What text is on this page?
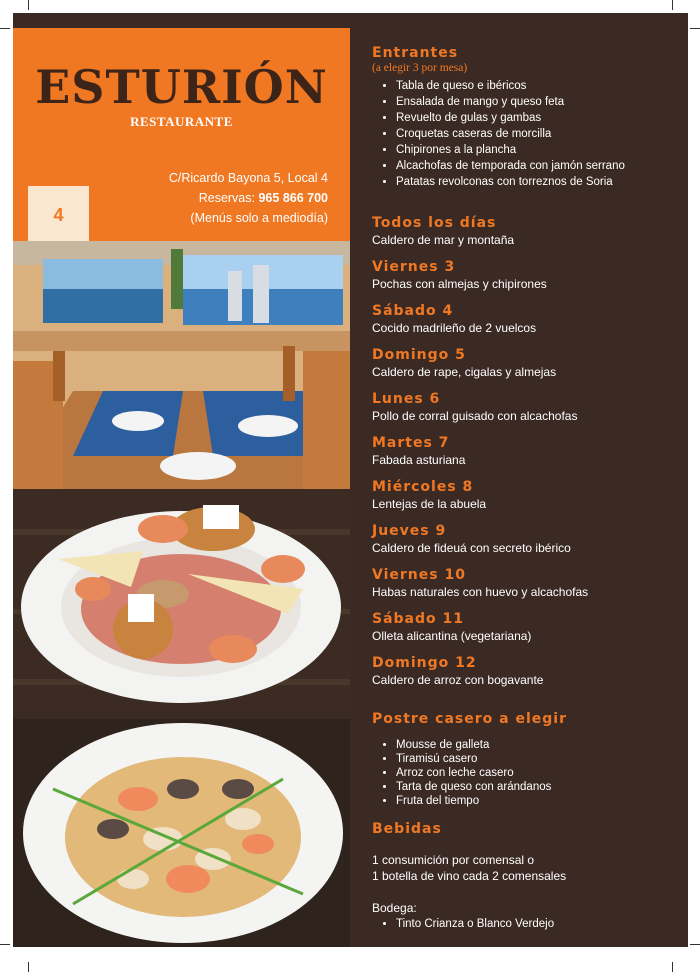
ESTURIÓN
RESTAURANTE
C/Ricardo Bayona 5, Local 4
Reservas: 965 866 700
(Menús solo a mediodía)
4
Entrantes
(a elegir 3 por mesa)
• Tabla de queso e ibéricos
• Ensalada de mango y queso feta
• Revuelto de gulas y gambas
• Croquetas caseras de morcilla
• Chipirones a la plancha
• Alcachofas de temporada con jamón serrano
• Patatas revolconas con torreznos de Soria
Todos los días
Caldero de mar y montaña
Viernes 3
Pochas con almejas y chipirones
Sábado 4
Cocido madrileño de 2 vuelcos
Domingo 5
Caldero de rape, cigalas y almejas
Lunes 6
Pollo de corral guisado con alcachofas
Martes 7
Fabada asturiana
Miércoles 8
Lentejas de la abuela
Jueves 9
Caldero de fideuá con secreto ibérico
Viernes 10
Habas naturales con huevo y alcachofas
Sábado 11
Olleta alicantina (vegetariana)
Domingo 12
Caldero de arroz con bogavante
Postre casero a elegir
• Mousse de galleta
• Tiramisú casero
• Arroz con leche casero
• Tarta de queso con arándanos
• Fruta del tiempo
Bebidas
1 consumición por comensal o
1 botella de vino cada 2 comensales
Bodega:
• Tinto Crianza o Blanco Verdejo
